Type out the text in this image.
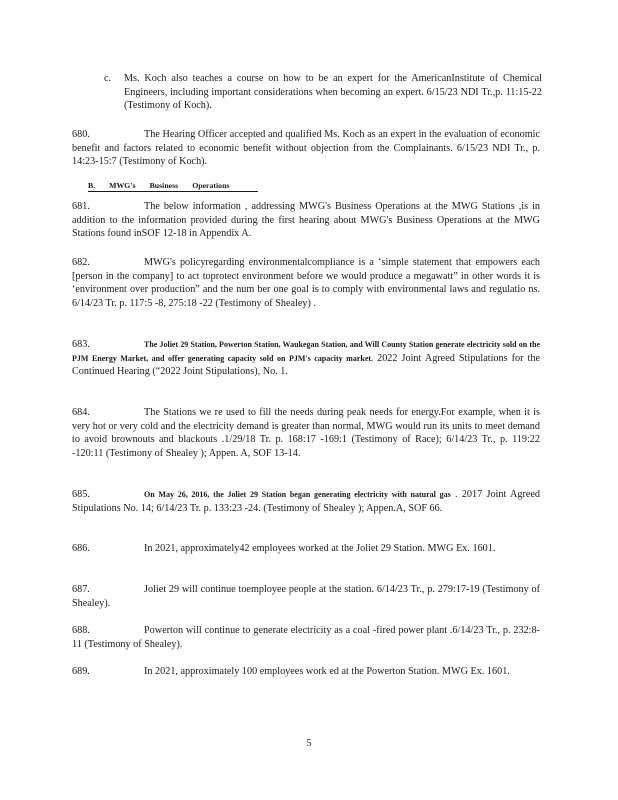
c. Ms. Koch also teaches a course on how to be an expert for the AmericanInstitute of Chemical Engineers, including important considerations when becoming an expert. 6/15/23 NDI Tr.,p. 11:15-22 (Testimony of Koch).
680.	The Hearing Officer accepted and qualified Ms. Koch as an expert in the evaluation of economic benefit and factors related to economic benefit without objection from the Complainants. 6/15/23 NDI Tr., p. 14:23-15:7 (Testimony of Koch).
B. MWG's Business Operations
681.	The below information , addressing MWG's Business Operations at the MWG Stations ,is in addition to the information provided during the first hearing about MWG's Business Operations at the MWG Stations found inSOF 12-18 in Appendix A.
682.	MWG's policyregarding environmentalcompliance is a ‘simple statement that empowers each [person in the company] to act toprotect environment before we would produce a megawatt” in other words it is ‘environment over production” and the num ber one goal is to comply with environmental laws and regulatio ns. 6/14/23 Tr. p. 117:5 -8, 275:18 -22 (Testimony of Shealey) .
683.	The Joliet 29 Station, Powerton Station, Waukegan Station, and Will County Station generate electricity sold on the PJM Energy Market, and offer generating capacity sold on PJM's capacity market. 2022 Joint Agreed Stipulations for the Continued Hearing (“2022 Joint Stipulations), No. 1.
684.	The Stations we re used to fill the needs during peak needs for energy.For example, when it is very hot or very cold and the electricity demand is greater than normal, MWG would run its units to meet demand to avoid brownouts and blackouts .1/29/18 Tr. p. 168:17 -169:1 (Testimony of Race); 6/14/23 Tr., p. 119:22 -120:11 (Testimony of Shealey ); Appen. A, SOF 13-14.
685.	On May 26, 2016, the Joliet 29 Station began generating electricity with natural gas . 2017 Joint Agreed Stipulations No. 14; 6/14/23 Tr. p. 133:23 -24. (Testimony of Shealey ); Appen.A, SOF 66.
686.	In 2021, approximately42 employees worked at the Joliet 29 Station. MWG Ex. 1601.
687.	Joliet 29 will continue toemployee people at the station. 6/14/23 Tr., p. 279:17-19 (Testimony of Shealey).
688.	Powerton will continue to generate electricity as a coal -fired power plant .6/14/23 Tr., p. 232:8-11 (Testimony of Shealey).
689.	In 2021, approximately 100 employees work ed at the Powerton Station. MWG Ex. 1601.
5
